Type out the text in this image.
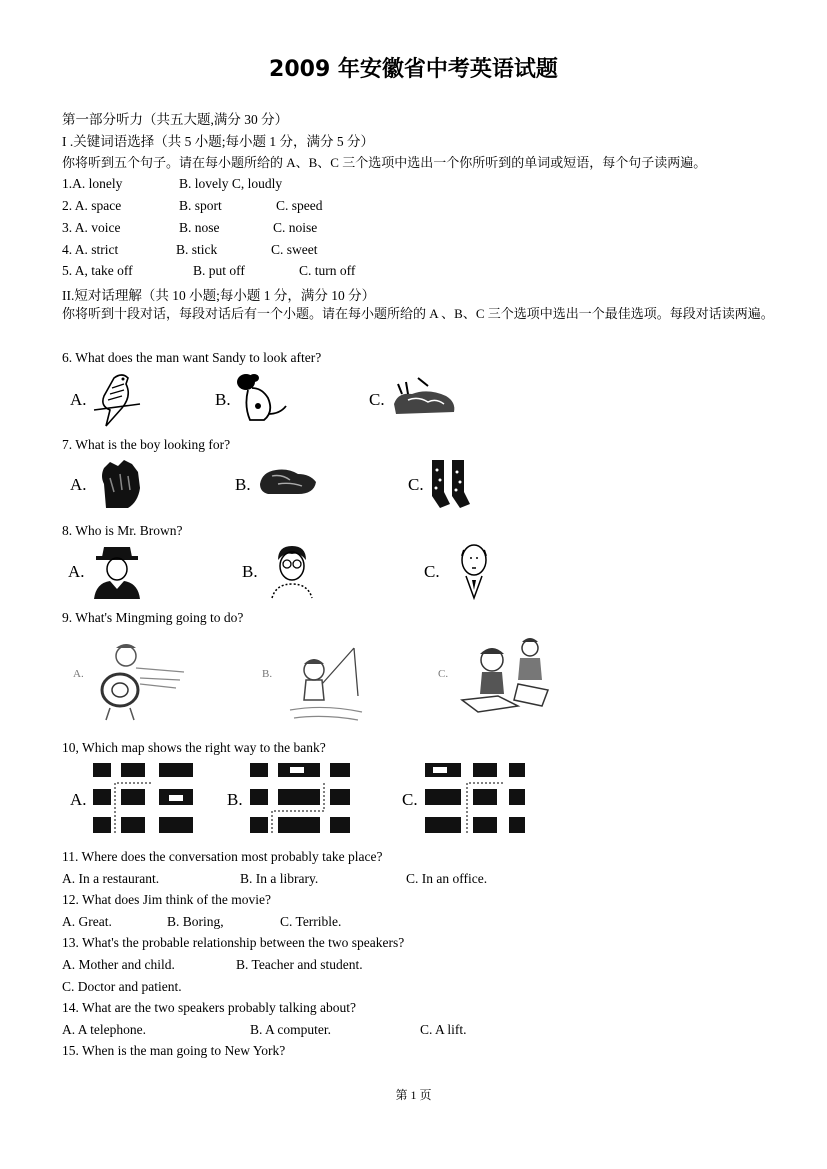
2009 年安徽省中考英语试题
第一部分听力（共五大题,满分 30 分）
I .关键词语选择（共 5 小题;每小题 1 分，满分 5 分）
你将听到五个句子。请在每小题所给的 A、B、C 三个选项中选出一个你所听到的单词或短语，每个句子读两遍。
1.A. lonely	B. lovely C, loudly
2. A. space	B. sport	C. speed
3. A. voice	B. nose	C. noise
4. A. strict	B. stick	C. sweet
5. A, take off	B. put off	C. turn off
II.短对话理解（共 10 小题;每小题 1 分，满分 10 分）
你将听到十段对话，每段对话后有一个小题。请在每小题所给的 A 、B、C 三个选项中选出一个最佳选项。每段对话读两遍。
6. What does the man want Sandy to look after?
A.	B.	C.
7. What is the boy looking for?
A.	B.	C.
8. Who is Mr. Brown?
A.	B.	C.
9. What's Mingming going to do?
A.	B.	C.
10, Which map shows the right way to the bank?
A.	B.	C.
11. Where does the conversation most probably take place?
A. In a restaurant.	B. In a library.	C. In an office.
12. What does Jim think of the movie?
A. Great.	B. Boring,	C. Terrible.
13. What's the probable relationship between the two speakers?
A. Mother and child.	B. Teacher and student.
C. Doctor and patient.
14. What are the two speakers probably talking about?
A. A telephone.	B. A computer.	C. A lift.
15. When is the man going to New York?
第 1 页
